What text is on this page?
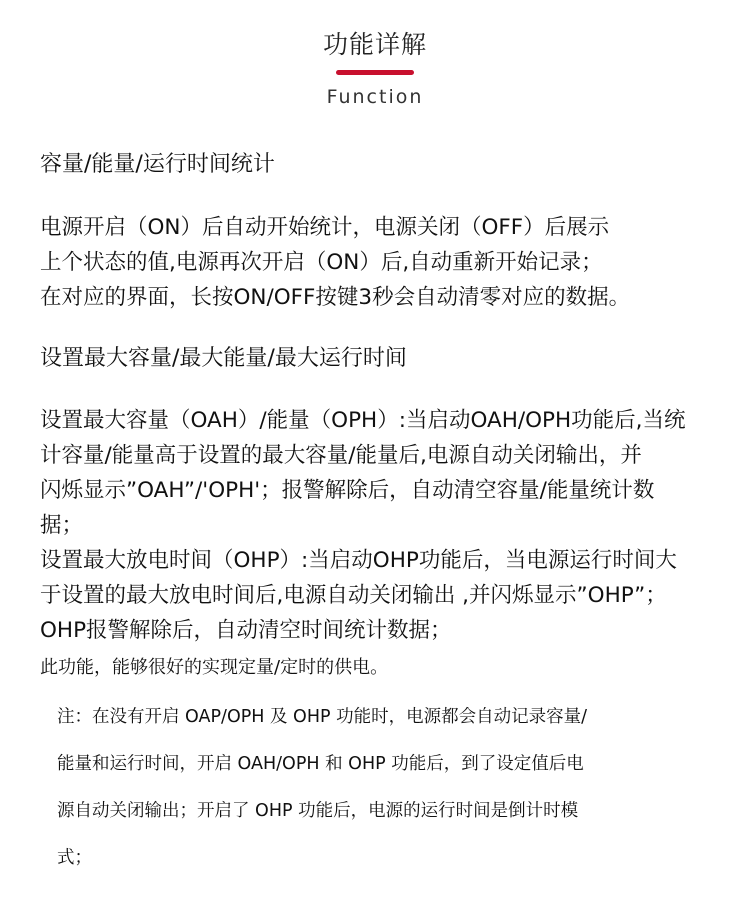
功能详解
Function
容量/能量/运行时间统计
电源开启（ON）后自动开始统计，电源关闭（OFF）后展示
上个状态的值,电源再次开启（ON）后,自动重新开始记录；
在对应的界面，长按ON/OFF按键3秒会自动清零对应的数据。
设置最大容量/最大能量/最大运行时间
设置最大容量（OAH）/能量（OPH）:当启动OAH/OPH功能后,当统
计容量/能量高于设置的最大容量/能量后,电源自动关闭输出，并
闪烁显示”OAH”/'OPH'；报警解除后，自动清空容量/能量统计数
据；
设置最大放电时间（OHP）:当启动OHP功能后，当电源运行时间大
于设置的最大放电时间后,电源自动关闭输出 ,并闪烁显示”OHP”；
OHP报警解除后，自动清空时间统计数据；
此功能，能够很好的实现定量/定时的供电。
注：在没有开启 OAP/OPH 及 OHP 功能时，电源都会自动记录容量/
能量和运行时间，开启 OAH/OPH 和 OHP 功能后，到了设定值后电
源自动关闭输出；开启了 OHP 功能后，电源的运行时间是倒计时模
式；
